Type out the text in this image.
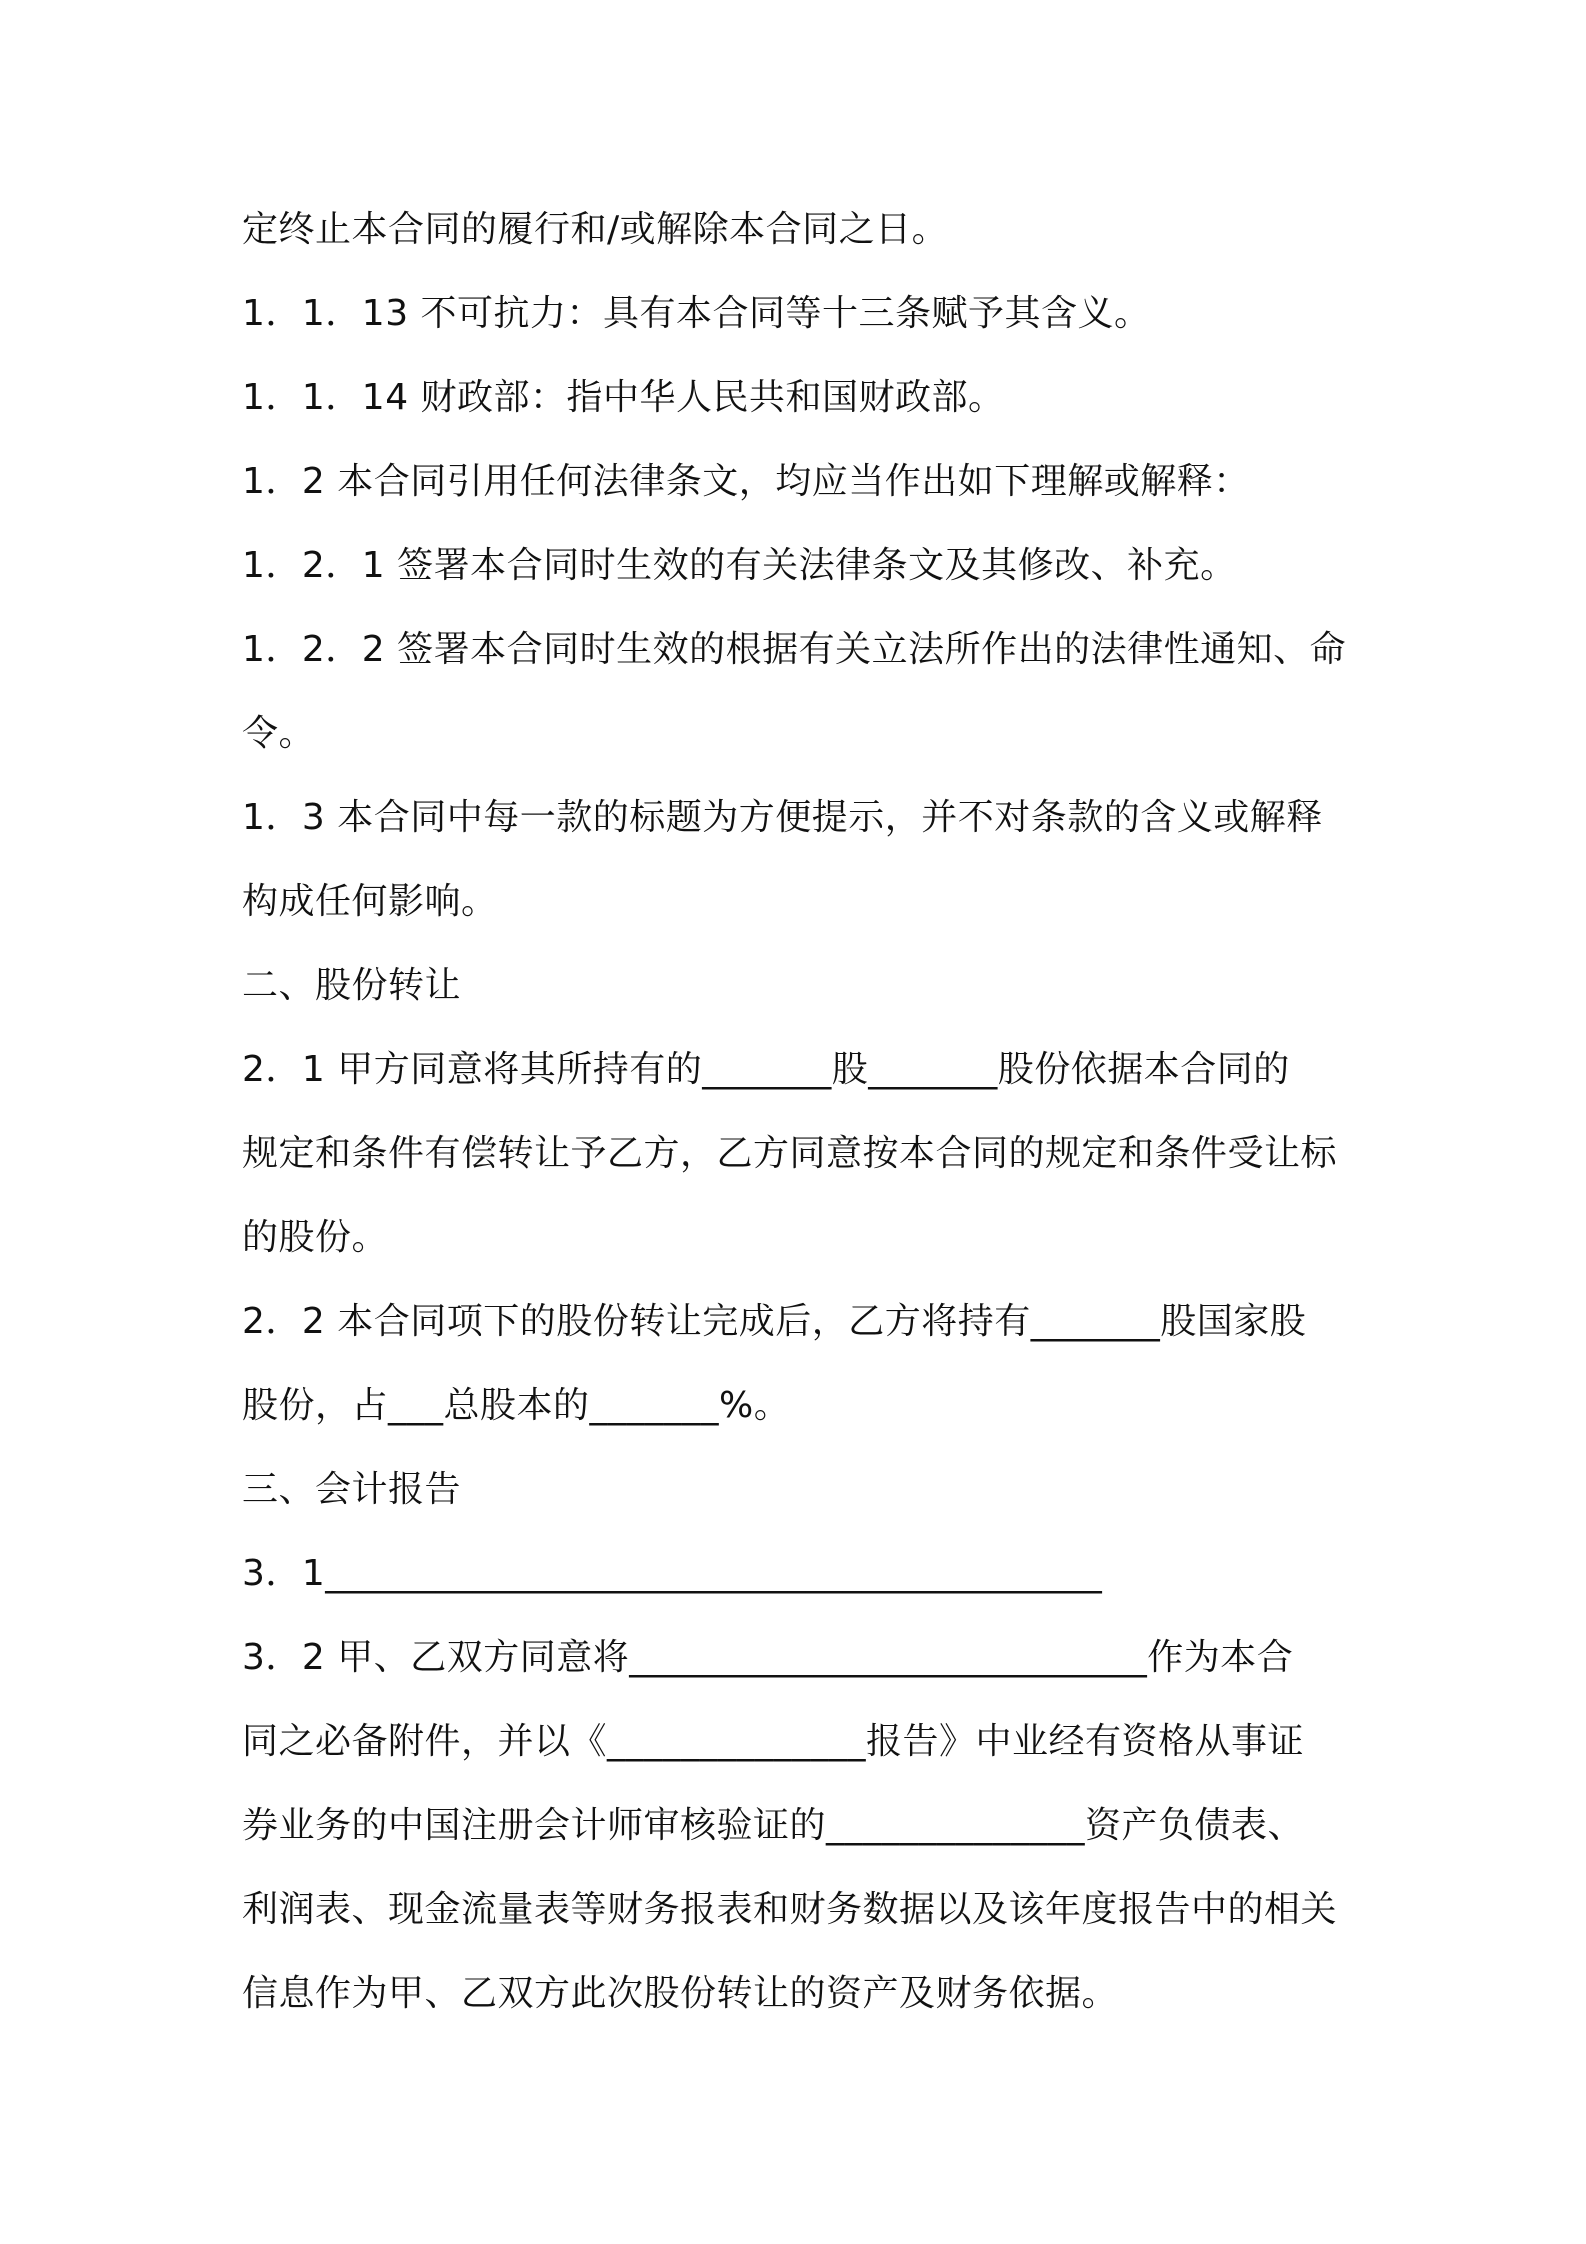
定终止本合同的履行和/或解除本合同之日。
1．1．13 不可抗力：具有本合同等十三条赋予其含义。
1．1．14 财政部：指中华人民共和国财政部。
1．2 本合同引用任何法律条文，均应当作出如下理解或解释：
1．2．1 签署本合同时生效的有关法律条文及其修改、补充。
1．2．2 签署本合同时生效的根据有关立法所作出的法律性通知、命
令。
1．3 本合同中每一款的标题为方便提示，并不对条款的含义或解释
构成任何影响。
二、股份转让
2．1 甲方同意将其所持有的_______股_______股份依据本合同的
规定和条件有偿转让予乙方，乙方同意按本合同的规定和条件受让标
的股份。
2．2 本合同项下的股份转让完成后，乙方将持有_______股国家股
股份，占___总股本的_______%。
三、会计报告
3．1__________________________________________
3．2 甲、乙双方同意将____________________________作为本合
同之必备附件，并以《______________报告》中业经有资格从事证
券业务的中国注册会计师审核验证的______________资产负债表、
利润表、现金流量表等财务报表和财务数据以及该年度报告中的相关
信息作为甲、乙双方此次股份转让的资产及财务依据。
